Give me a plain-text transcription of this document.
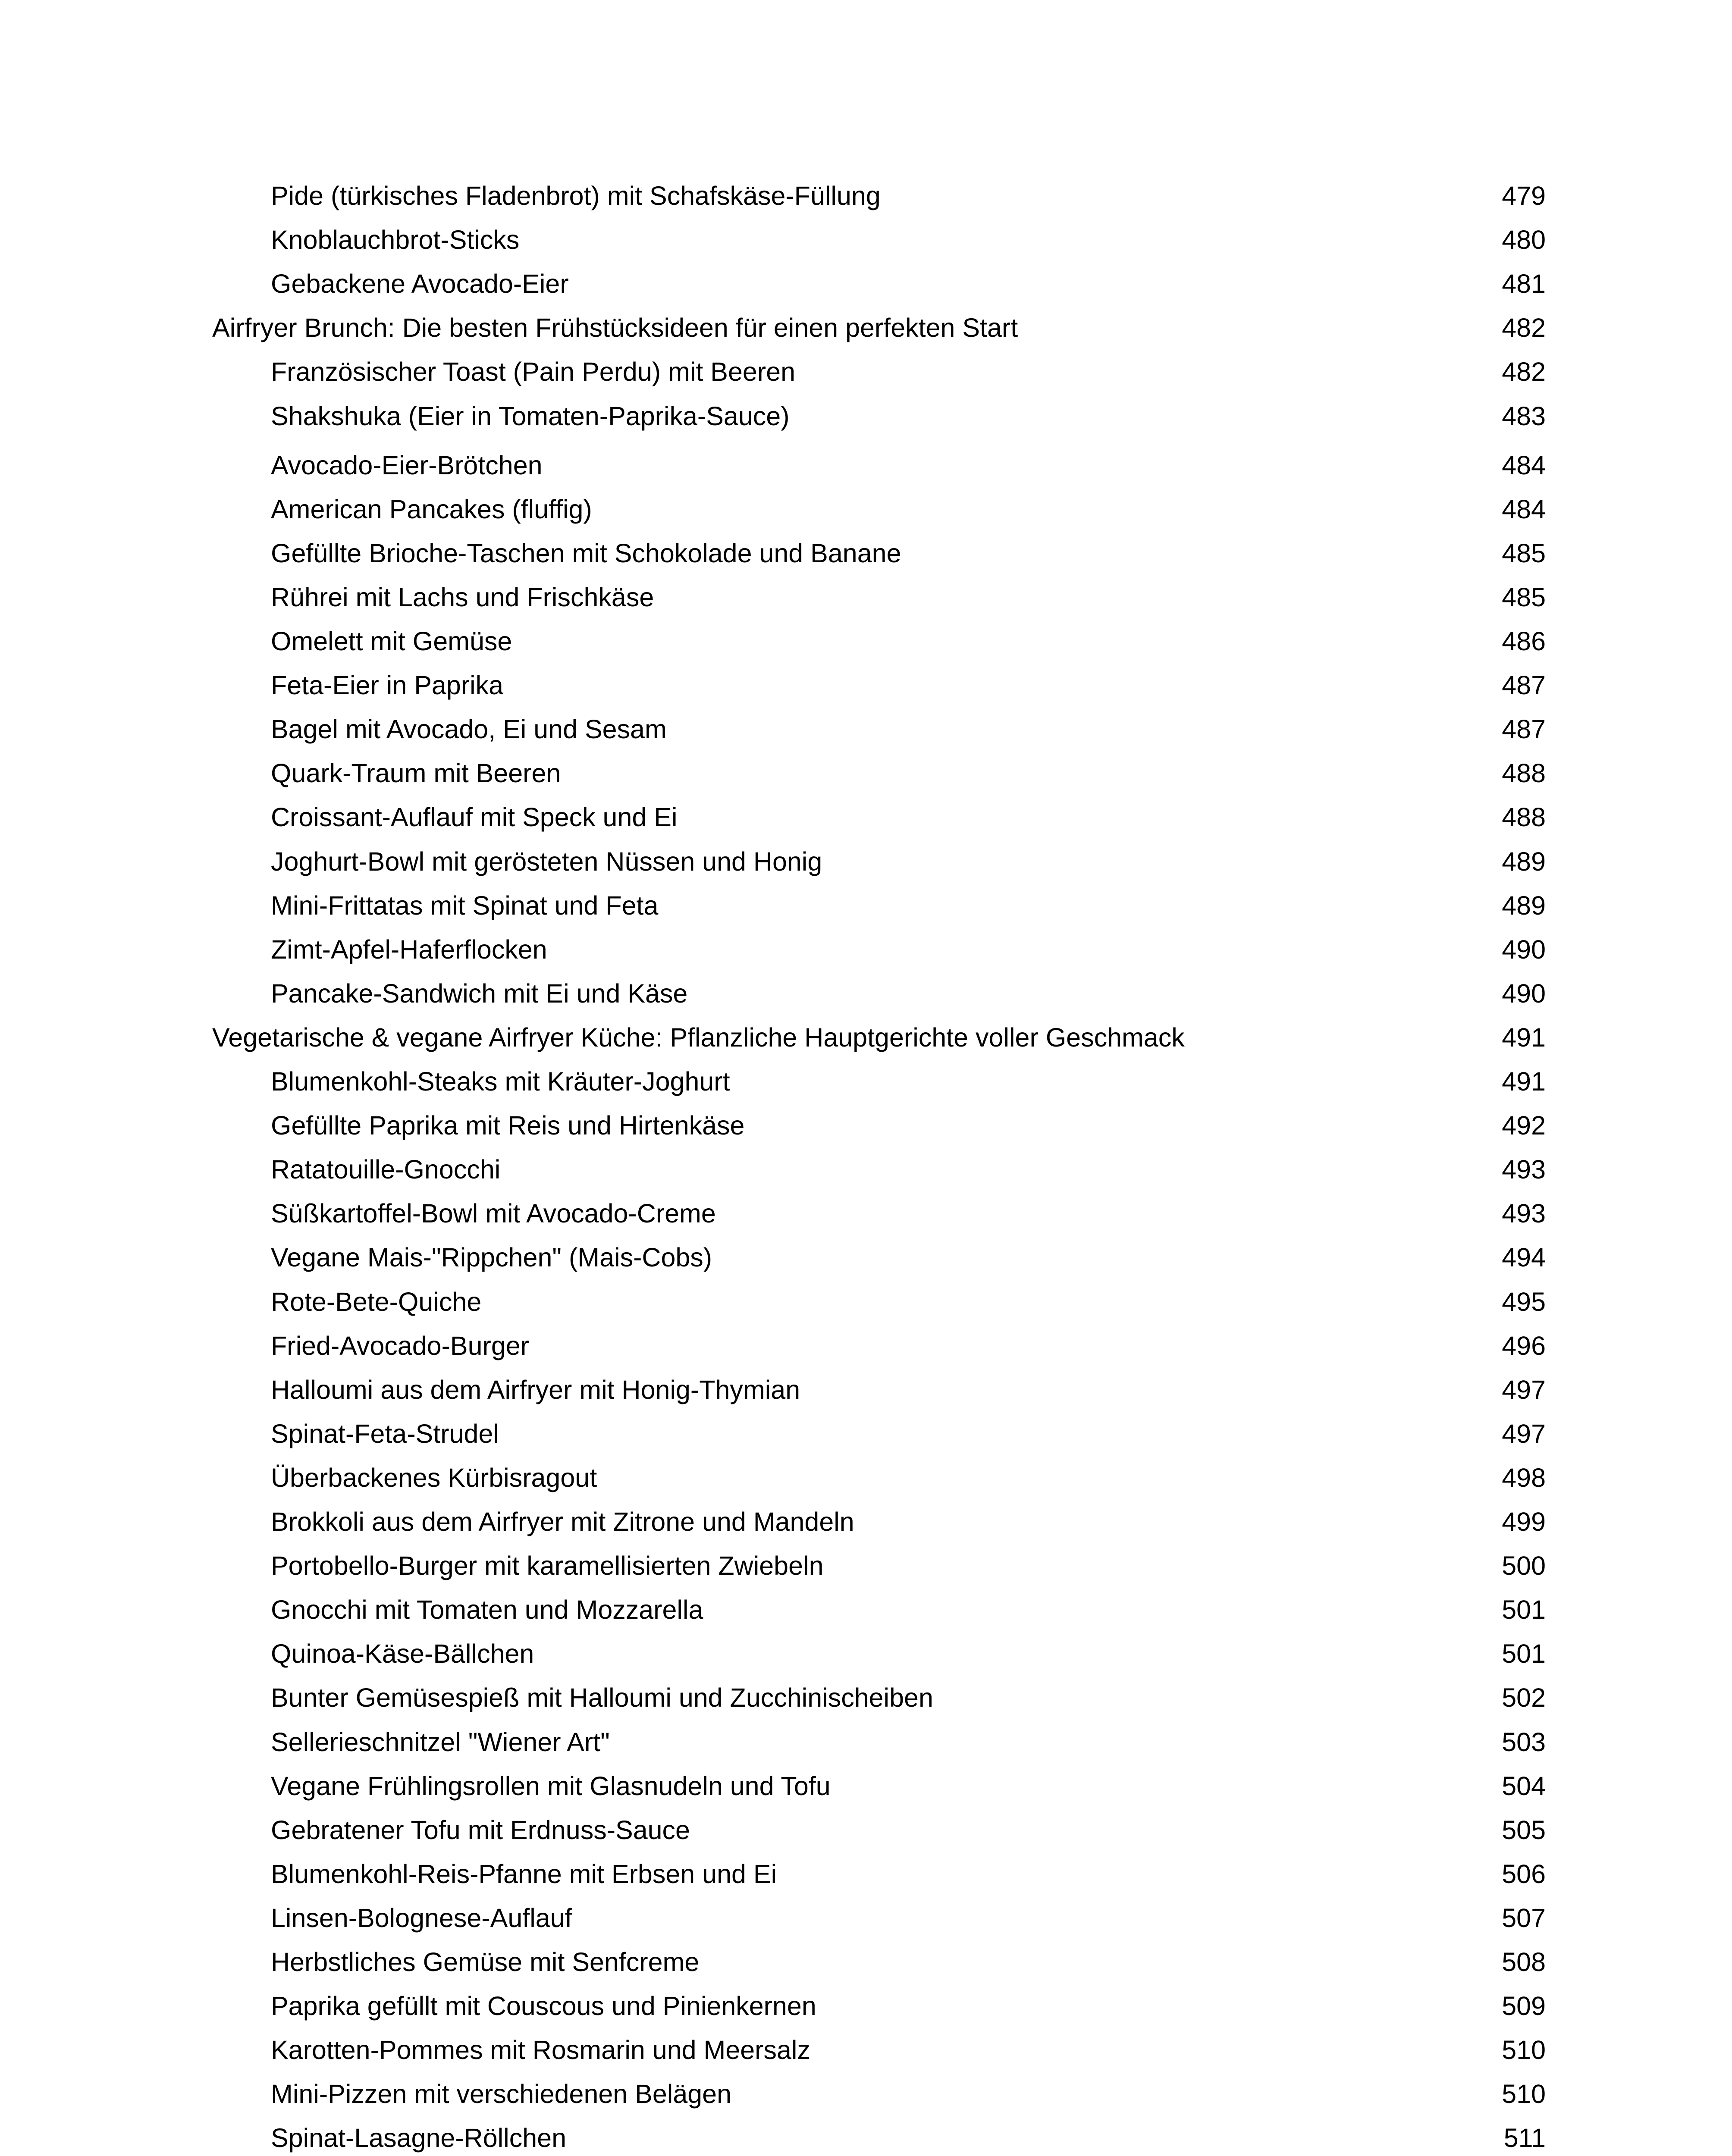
Pide (türkisches Fladenbrot) mit Schafskäse-Füllung	479
Knoblauchbrot-Sticks	480
Gebackene Avocado-Eier	481
Airfryer Brunch: Die besten Frühstücksideen für einen perfekten Start	482
Französischer Toast (Pain Perdu) mit Beeren	482
Shakshuka (Eier in Tomaten-Paprika-Sauce)	483
Avocado-Eier-Brötchen	484
American Pancakes (fluffig)	484
Gefüllte Brioche-Taschen mit Schokolade und Banane	485
Rührei mit Lachs und Frischkäse	485
Omelett mit Gemüse	486
Feta-Eier in Paprika	487
Bagel mit Avocado, Ei und Sesam	487
Quark-Traum mit Beeren	488
Croissant-Auflauf mit Speck und Ei	488
Joghurt-Bowl mit gerösteten Nüssen und Honig	489
Mini-Frittatas mit Spinat und Feta	489
Zimt-Apfel-Haferflocken	490
Pancake-Sandwich mit Ei und Käse	490
Vegetarische & vegane Airfryer Küche: Pflanzliche Hauptgerichte voller Geschmack	491
Blumenkohl-Steaks mit Kräuter-Joghurt	491
Gefüllte Paprika mit Reis und Hirtenkäse	492
Ratatouille-Gnocchi	493
Süßkartoffel-Bowl mit Avocado-Creme	493
Vegane Mais-"Rippchen" (Mais-Cobs)	494
Rote-Bete-Quiche	495
Fried-Avocado-Burger	496
Halloumi aus dem Airfryer mit Honig-Thymian	497
Spinat-Feta-Strudel	497
Überbackenes Kürbisragout	498
Brokkoli aus dem Airfryer mit Zitrone und Mandeln	499
Portobello-Burger mit karamellisierten Zwiebeln	500
Gnocchi mit Tomaten und Mozzarella	501
Quinoa-Käse-Bällchen	501
Bunter Gemüsespieß mit Halloumi und Zucchinischeiben	502
Sellerieschnitzel "Wiener Art"	503
Vegane Frühlingsrollen mit Glasnudeln und Tofu	504
Gebratener Tofu mit Erdnuss-Sauce	505
Blumenkohl-Reis-Pfanne mit Erbsen und Ei	506
Linsen-Bolognese-Auflauf	507
Herbstliches Gemüse mit Senfcreme	508
Paprika gefüllt mit Couscous und Pinienkernen	509
Karotten-Pommes mit Rosmarin und Meersalz	510
Mini-Pizzen mit verschiedenen Belägen	510
Spinat-Lasagne-Röllchen	511
